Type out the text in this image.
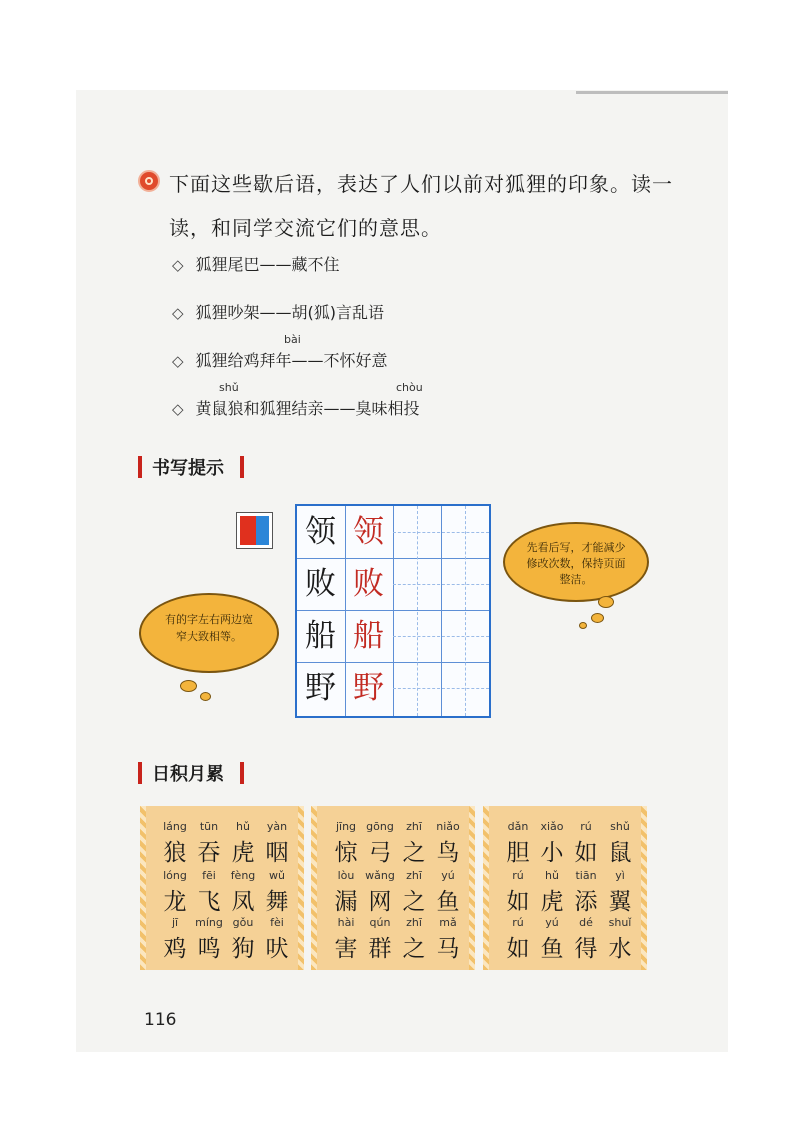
下面这些歇后语，表达了人们以前对狐狸的印象。读一
读，和同学交流它们的意思。
◇ 狐狸尾巴——藏不住
◇ 狐狸吵架——胡(狐)言乱语
bài
◇ 狐狸给鸡拜年——不怀好意
shǔ	chòu
◇ 黄鼠狼和狐狸结亲——臭味相投
书写提示
领 领
败 败
船 船
野 野
先看后写，才能减少修改次数，保持页面整洁。
有的字左右两边宽窄大致相等。
日积月累
láng	tūn	hǔ	yàn
狼 吞 虎 咽
lóng	fēi	fèng	wǔ
龙 飞 凤 舞
jī	míng gǒu	fèi
鸡 鸣 狗 吠
jīng gōng	zhī	niǎo
惊 弓 之 鸟
lòu wǎng	zhī	yú
漏 网 之 鱼
hài	qún	zhī	mǎ
害 群 之 马
dǎn	xiǎo	rú	shǔ
胆 小 如 鼠
rú	hǔ	tiān	yì
如 虎 添 翼
rú	yú	dé	shuǐ
如 鱼 得 水
116
